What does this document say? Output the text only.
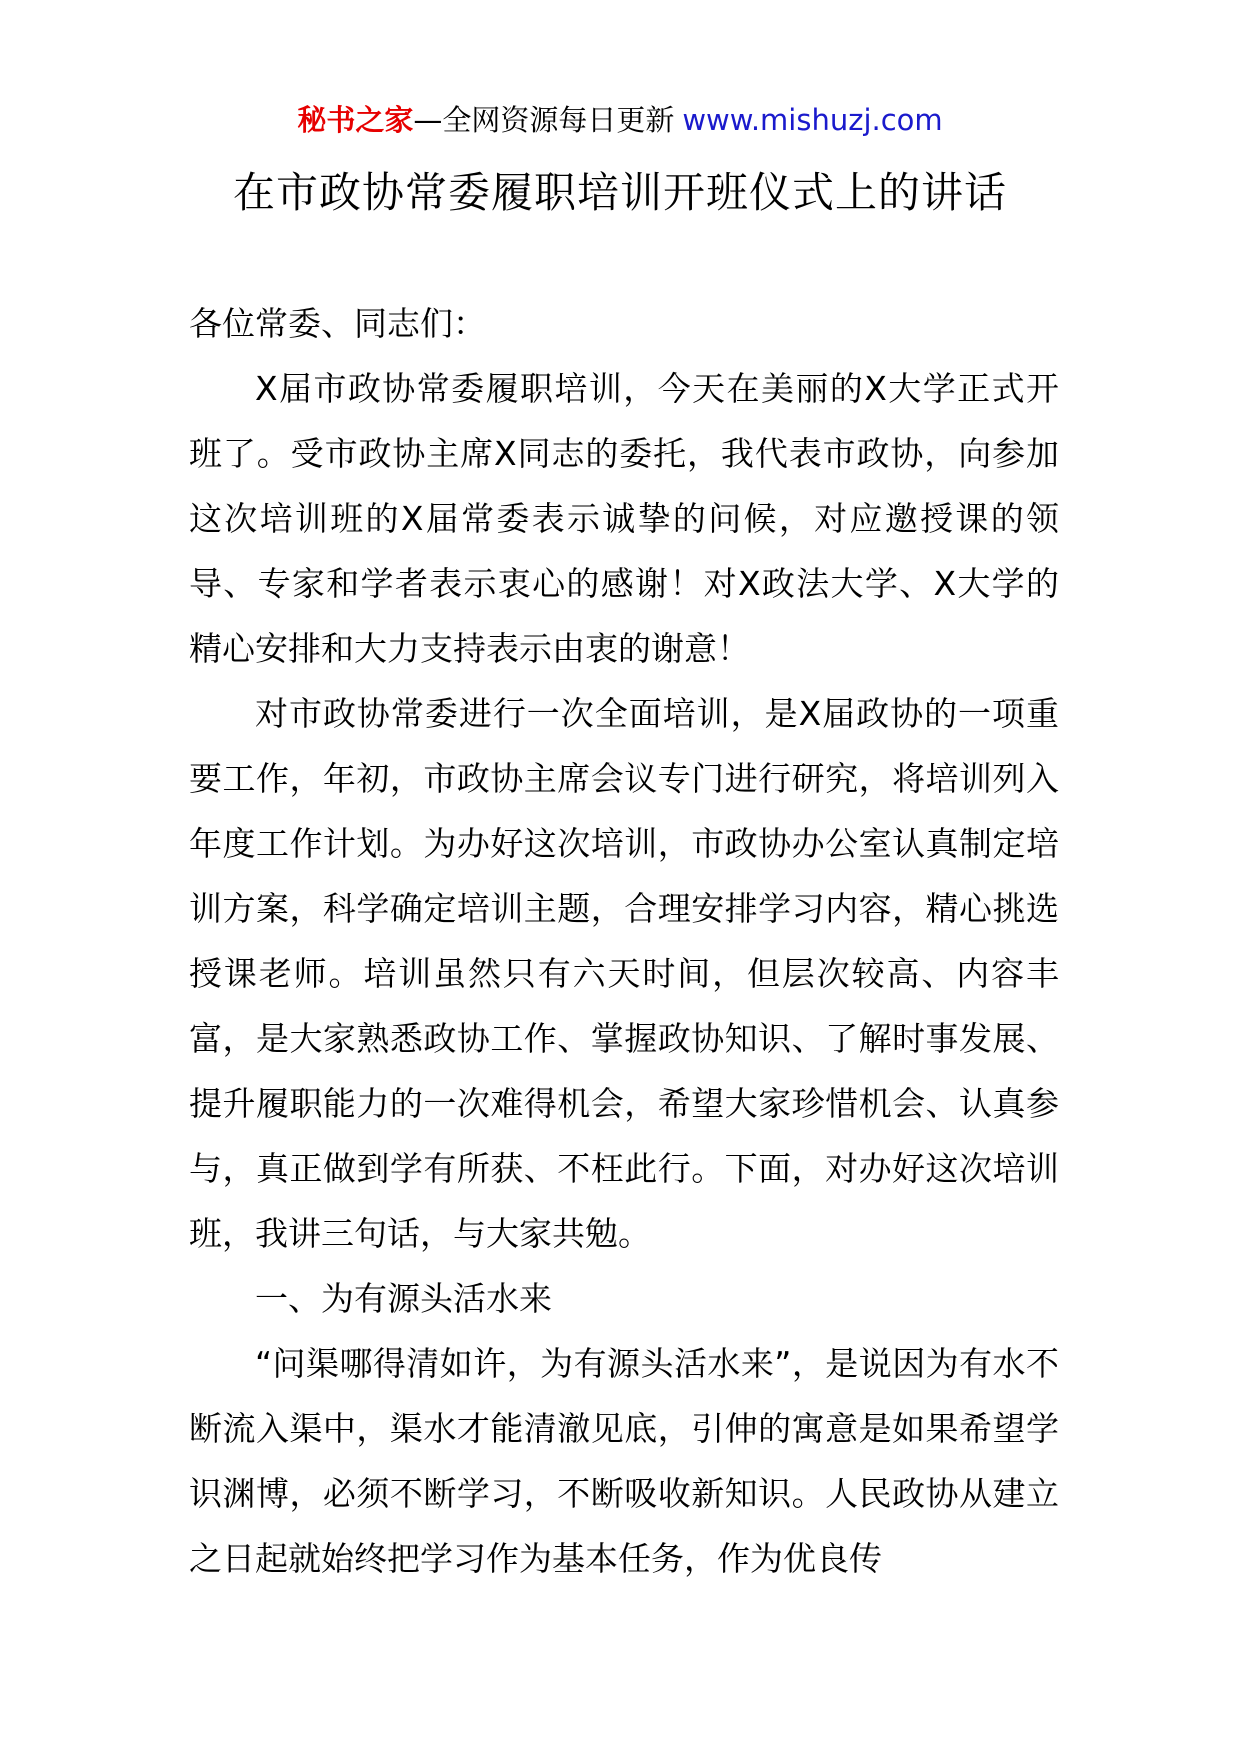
秘书之家—全网资源每日更新 www.mishuzj.com
在市政协常委履职培训开班仪式上的讲话

各位常委、同志们：

X届市政协常委履职培训，今天在美丽的X大学正式开班了。受市政协主席X同志的委托，我代表市政协，向参加这次培训班的X届常委表示诚挚的问候，对应邀授课的领导、专家和学者表示衷心的感谢！对X政法大学、X大学的精心安排和大力支持表示由衷的谢意！

对市政协常委进行一次全面培训，是X届政协的一项重要工作，年初，市政协主席会议专门进行研究，将培训列入年度工作计划。为办好这次培训，市政协办公室认真制定培训方案，科学确定培训主题，合理安排学习内容，精心挑选授课老师。培训虽然只有六天时间，但层次较高、内容丰富，是大家熟悉政协工作、掌握政协知识、了解时事发展、提升履职能力的一次难得机会，希望大家珍惜机会、认真参与，真正做到学有所获、不枉此行。下面，对办好这次培训班，我讲三句话，与大家共勉。

一、为有源头活水来

“问渠哪得清如许，为有源头活水来”，是说因为有水不断流入渠中，渠水才能清澈见底，引伸的寓意是如果希望学识渊博，必须不断学习，不断吸收新知识。人民政协从建立之日起就始终把学习作为基本任务，作为优良传
